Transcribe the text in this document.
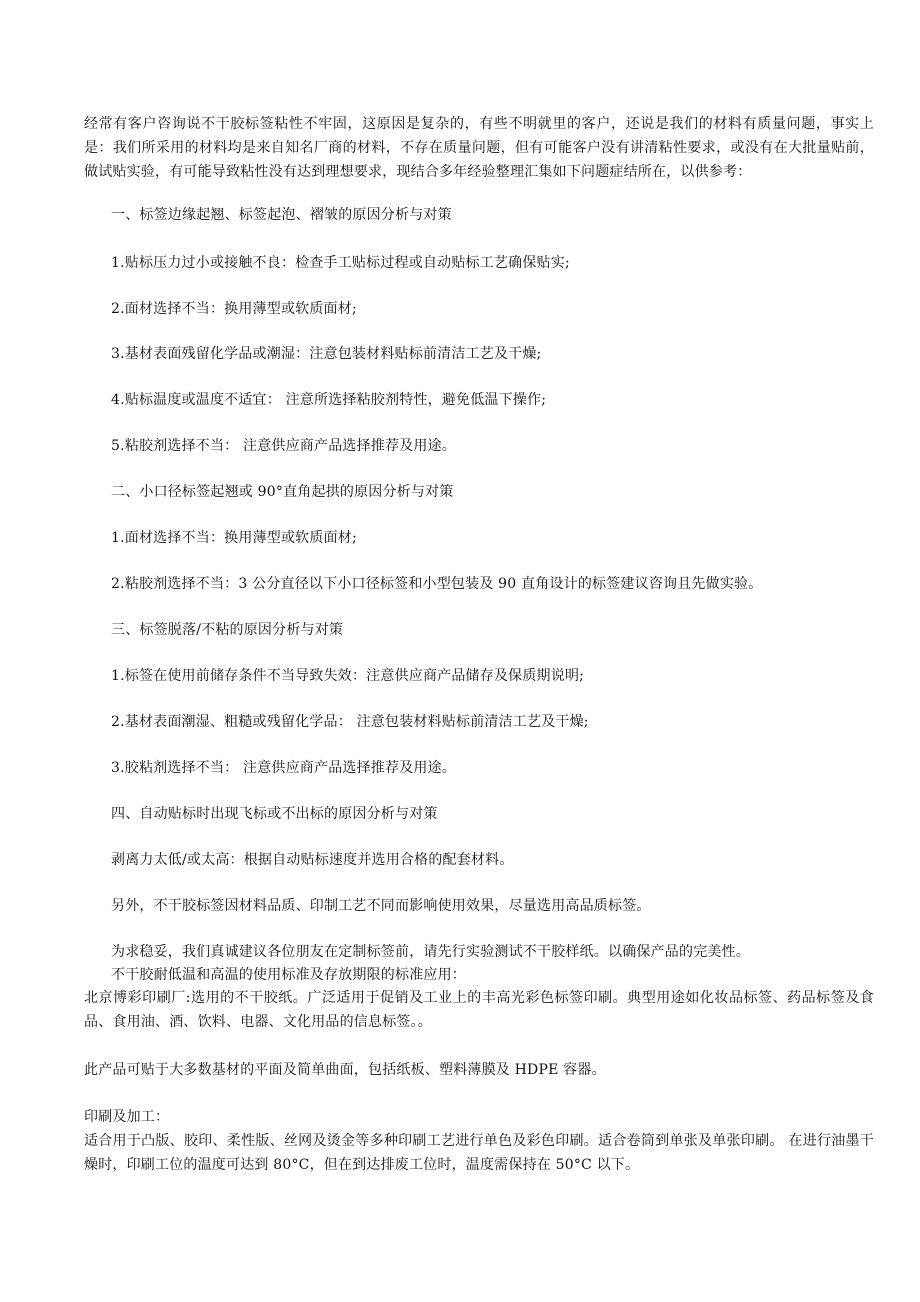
经常有客户咨询说不干胶标签粘性不牢固，这原因是复杂的，有些不明就里的客户，还说是我们的材料有质量问题，事实上是：我们所采用的材料均是来自知名厂商的材料，不存在质量问题，但有可能客户没有讲清粘性要求，或没有在大批量贴前，做试贴实验，有可能导致粘性没有达到理想要求，现结合多年经验整理汇集如下问题症结所在，以供参考：
一、标签边缘起翘、标签起泡、褶皱的原因分析与对策
1.贴标压力过小或接触不良：检查手工贴标过程或自动贴标工艺确保贴实;
2.面材选择不当：换用薄型或软质面材;
3.基材表面残留化学品或潮湿：注意包装材料贴标前清洁工艺及干燥;
4.贴标温度或温度不适宜： 注意所选择粘胶剂特性，避免低温下操作;
5.粘胶剂选择不当： 注意供应商产品选择推荐及用途。
二、小口径标签起翘或 90°直角起拱的原因分析与对策
1.面材选择不当：换用薄型或软质面材;
2.粘胶剂选择不当：3 公分直径以下小口径标签和小型包装及 90 直角设计的标签建议咨询且先做实验。
三、标签脱落/不粘的原因分析与对策
1.标签在使用前储存条件不当导致失效：注意供应商产品储存及保质期说明;
2.基材表面潮湿、粗糙或残留化学品： 注意包装材料贴标前清洁工艺及干燥;
3.胶粘剂选择不当： 注意供应商产品选择推荐及用途。
四、自动贴标时出现飞标或不出标的原因分析与对策
剥离力太低/或太高：根据自动贴标速度并选用合格的配套材料。
另外，不干胶标签因材料品质、印制工艺不同而影响使用效果，尽量选用高品质标签。
为求稳妥，我们真诚建议各位朋友在定制标签前，请先行实验测试不干胶样纸。以确保产品的完美性。
不干胶耐低温和高温的使用标准及存放期限的标准应用：
北京博彩印刷厂:选用的不干胶纸。广泛适用于促销及工业上的丰高光彩色标签印刷。典型用途如化妆品标签、药品标签及食品、食用油、酒、饮料、电器、文化用品的信息标签。。
此产品可贴于大多数基材的平面及简单曲面，包括纸板、塑料薄膜及 HDPE 容器。
印刷及加工：
适合用于凸版、胶印、柔性版、丝网及烫金等多种印刷工艺进行单色及彩色印刷。适合卷筒到单张及单张印刷。 在进行油墨干燥时，印刷工位的温度可达到 80°C，但在到达排废工位时，温度需保持在 50°C 以下。
